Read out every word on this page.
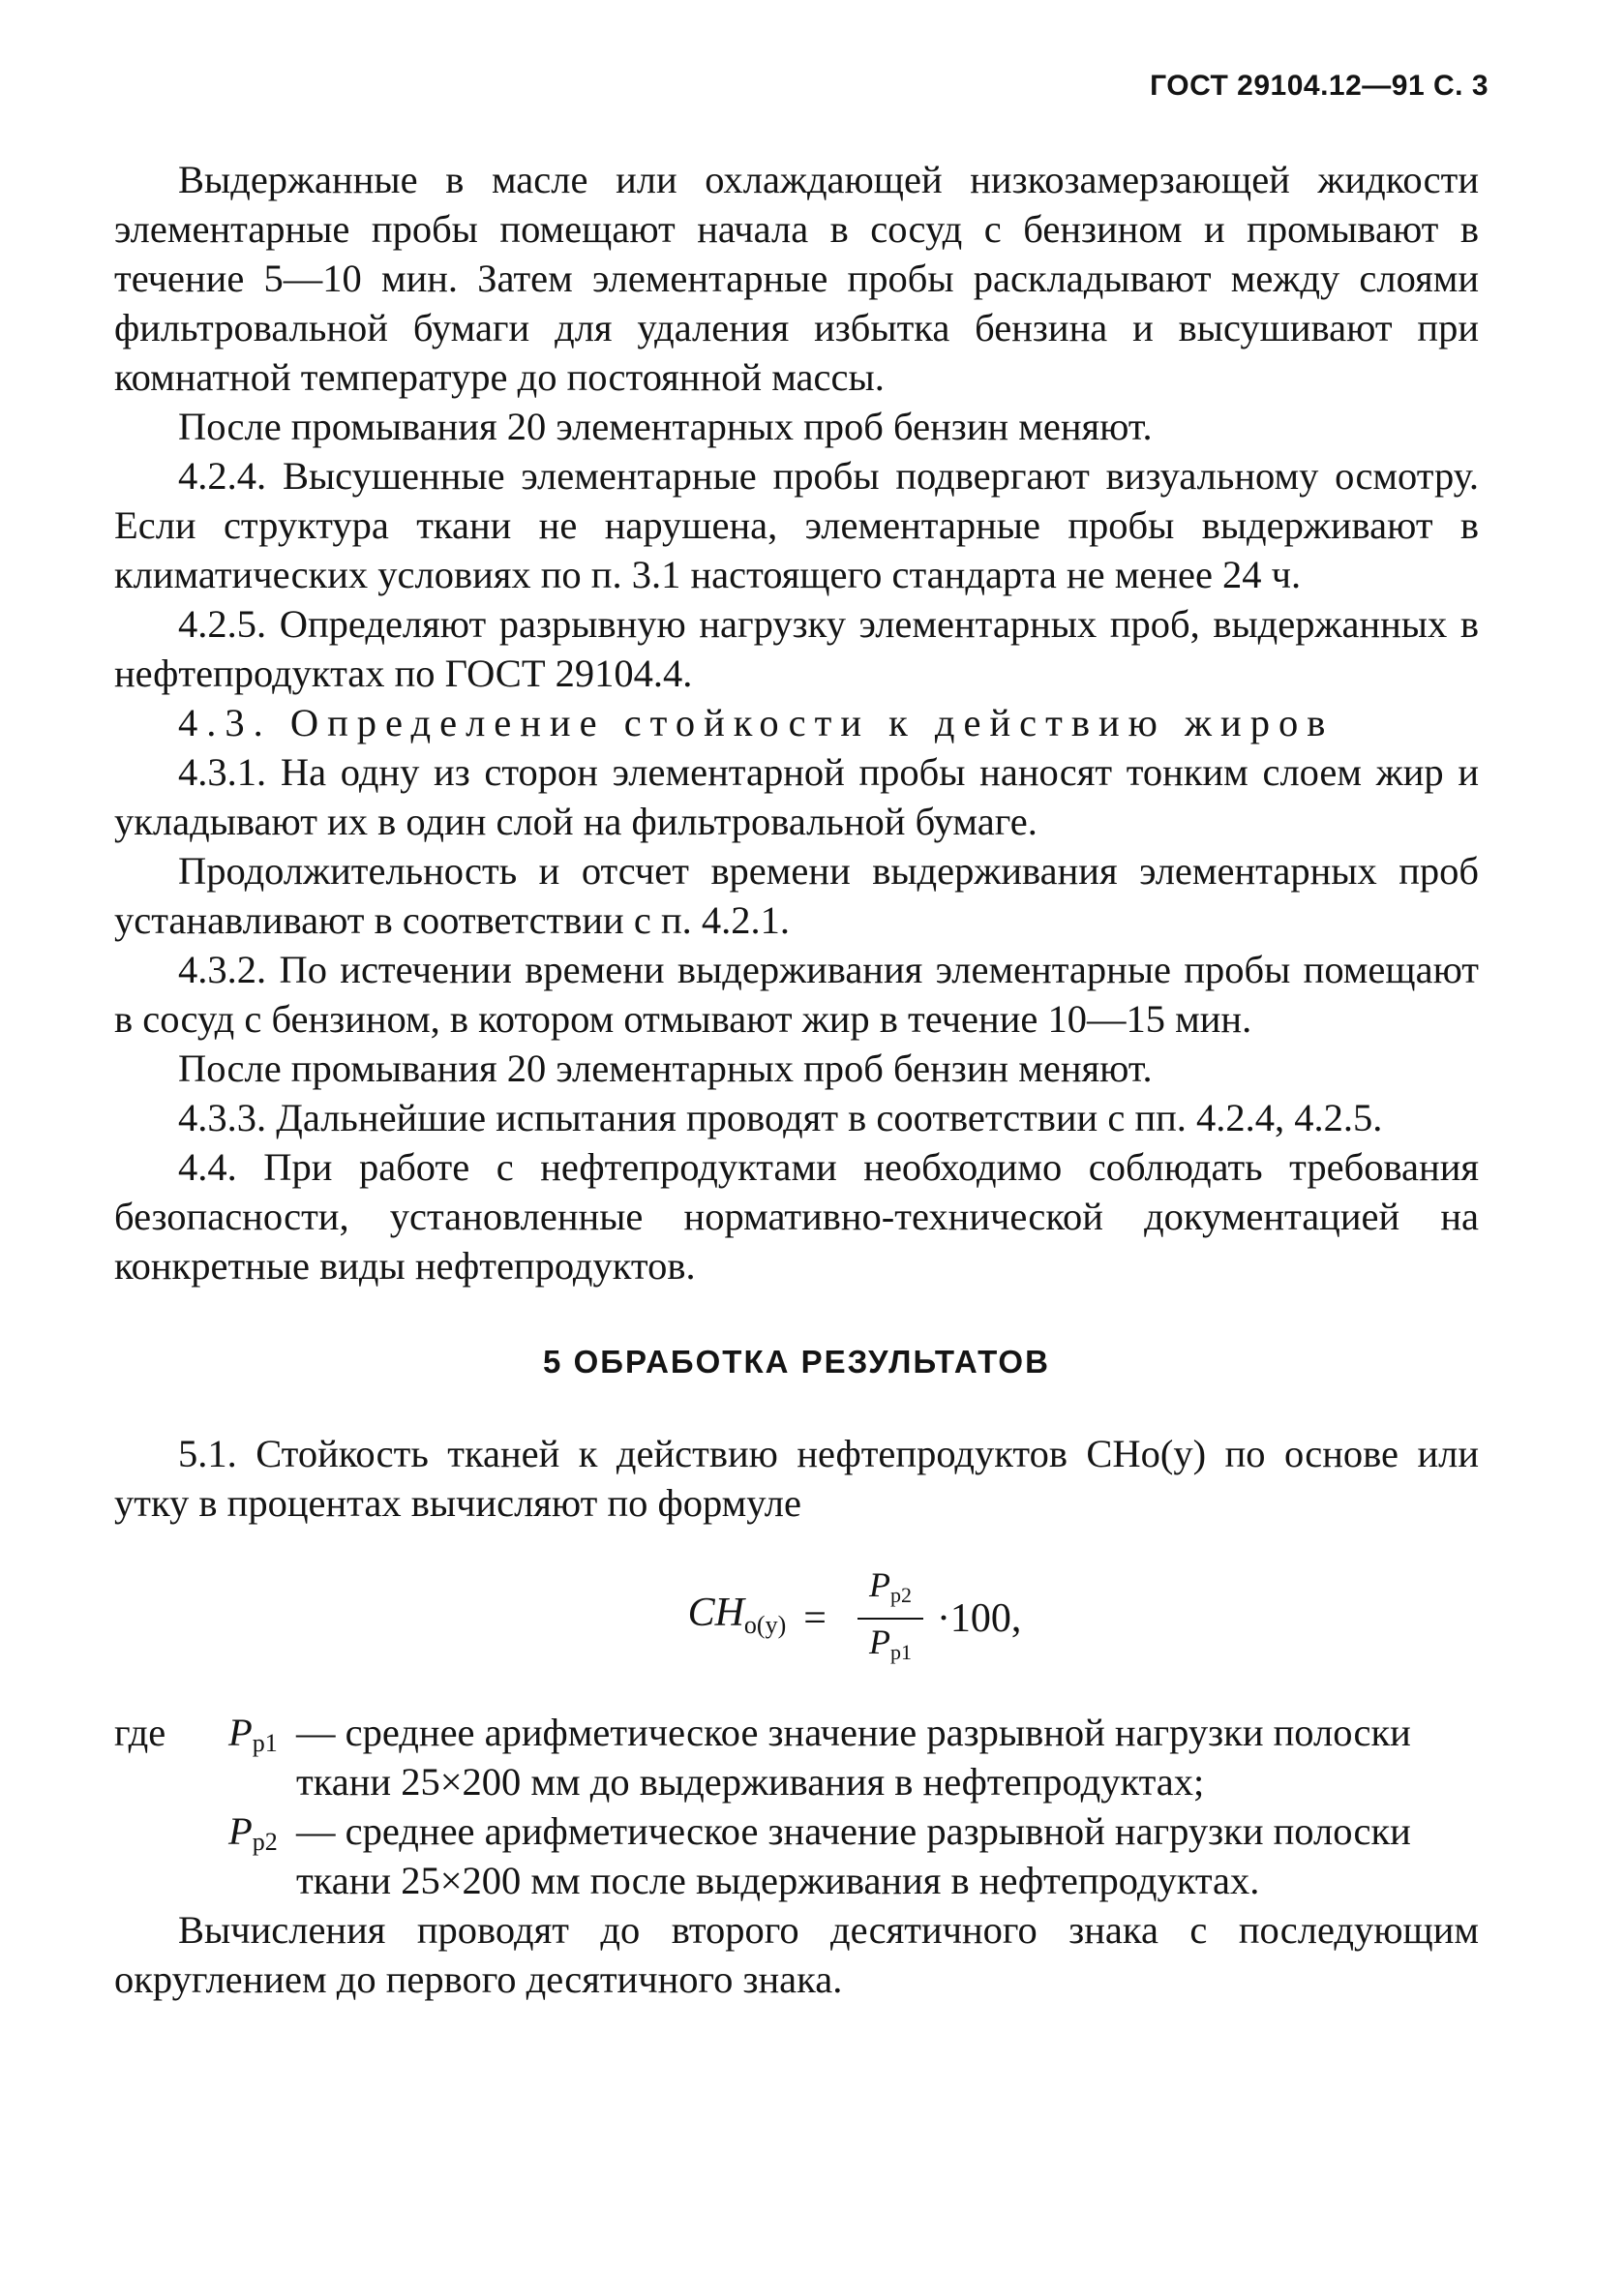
ГОСТ 29104.12—91 С. 3

Выдержанные в масле или охлаждающей низкозамерзающей жидкости элементарные пробы помещают начала в сосуд с бензином и промывают в течение 5—10 мин. Затем элементарные пробы раскладывают между слоями фильтровальной бумаги для удаления избытка бензина и высушивают при комнатной температуре до постоянной массы.

После промывания 20 элементарных проб бензин меняют.

4.2.4. Высушенные элементарные пробы подвергают визуальному осмотру. Если структура ткани не нарушена, элементарные пробы выдерживают в климатических условиях по п. 3.1 настоящего стандарта не менее 24 ч.

4.2.5. Определяют разрывную нагрузку элементарных проб, выдержанных в нефтепродуктах по ГОСТ 29104.4.

4.3. Определение стойкости к действию жиров

4.3.1. На одну из сторон элементарной пробы наносят тонким слоем жир и укладывают их в один слой на фильтровальной бумаге.

Продолжительность и отсчет времени выдерживания элементарных проб устанавливают в соответствии с п. 4.2.1.

4.3.2. По истечении времени выдерживания элементарные пробы помещают в сосуд с бензином, в котором отмывают жир в течение 10—15 мин.

После промывания 20 элементарных проб бензин меняют.

4.3.3. Дальнейшие испытания проводят в соответствии с пп. 4.2.4, 4.2.5.

4.4. При работе с нефтепродуктами необходимо соблюдать требования безопасности, установленные нормативно-технической документацией на конкретные виды нефтепродуктов.

5 ОБРАБОТКА РЕЗУЛЬТАТОВ

5.1. Стойкость тканей к действию нефтепродуктов CHо(у) по основе или утку в процентах вычисляют по формуле

$CH_{о(у)} = \frac{Pp2}{Pp1} \cdot 100$,
где	Pp1 — среднее арифметическое значение разрывной нагрузки полоски ткани 25×200 мм до выдерживания в нефтепродуктах;
Pp2 — среднее арифметическое значение разрывной нагрузки полоски ткани 25×200 мм после выдерживания в нефтепродуктах.

Вычисления проводят до второго десятичного знака с последующим округлением до первого десятичного знака.
